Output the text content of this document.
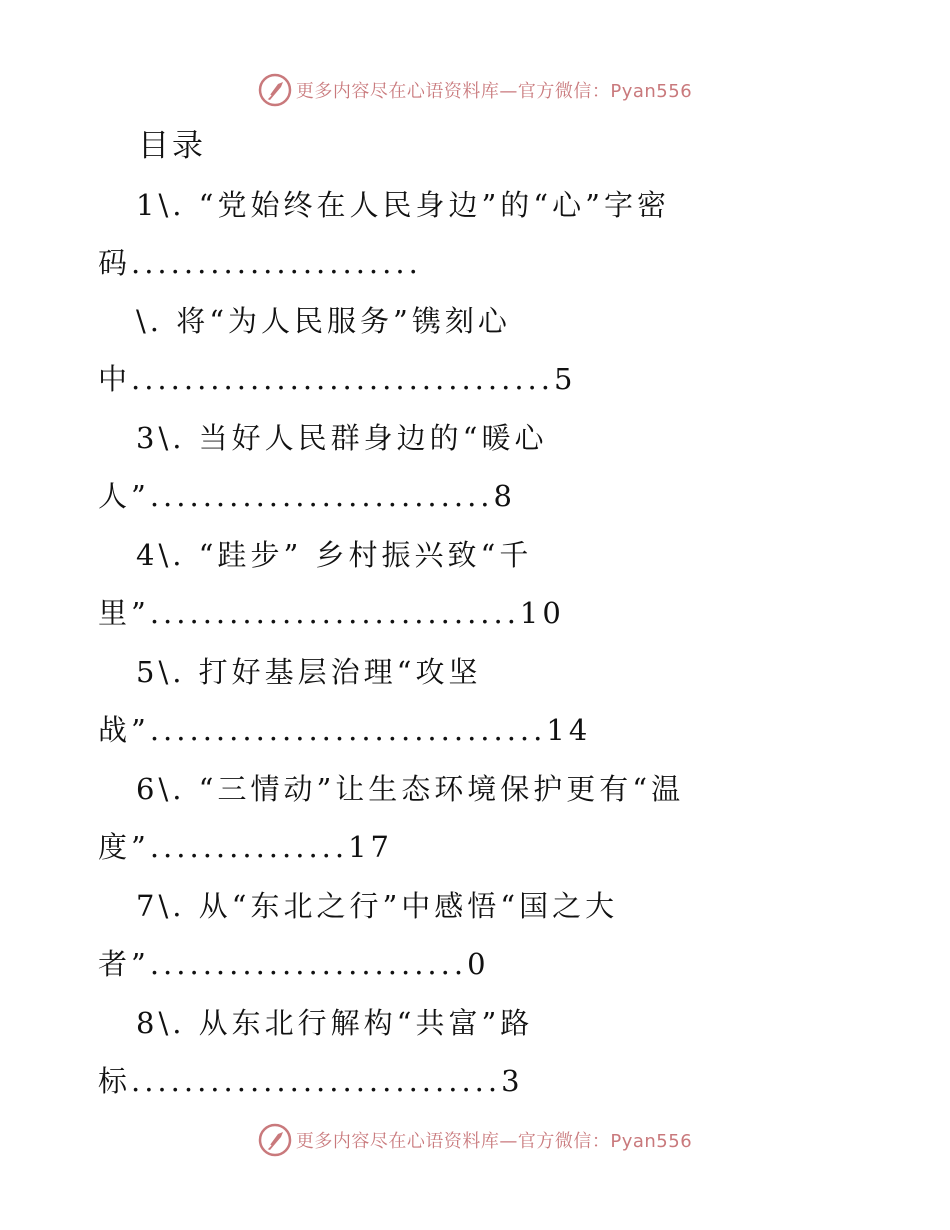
更多内容尽在心语资料库—官方微信：Pyan556
目录
1\. “党始终在人民身边”的“心”字密
码......................
\. 将“为人民服务”镌刻心
中................................5
3\. 当好人民群身边的“暖心
人”..........................8
4\. “跬步” 乡村振兴致“千
里”............................10
5\. 打好基层治理“攻坚
战”..............................14
6\. “三情动”让生态环境保护更有“温
度”...............17
7\. 从“东北之行”中感悟“国之大
者”........................0
8\. 从东北行解构“共富”路
标............................3
更多内容尽在心语资料库—官方微信：Pyan556
